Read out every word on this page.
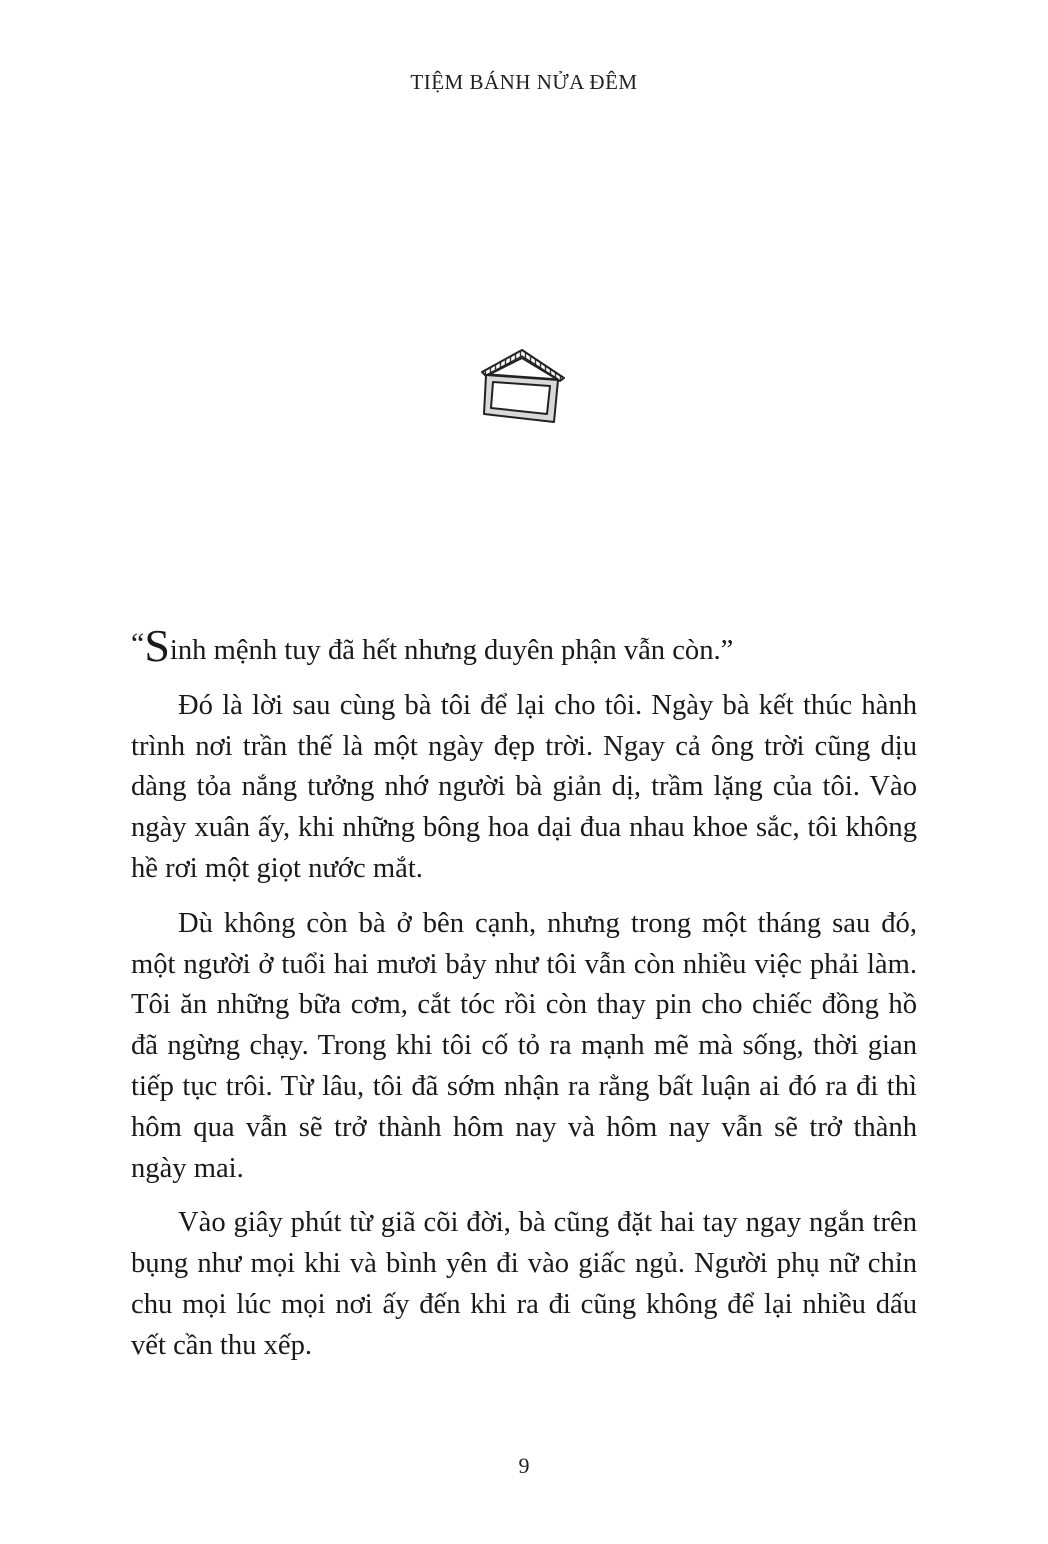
TIỆM BÁNH NỬA ĐÊM

“Sinh mệnh tuy đã hết nhưng duyên phận vẫn còn.”

Đó là lời sau cùng bà tôi để lại cho tôi. Ngày bà kết thúc hành trình nơi trần thế là một ngày đẹp trời. Ngay cả ông trời cũng dịu dàng tỏa nắng tưởng nhớ người bà giản dị, trầm lặng của tôi. Vào ngày xuân ấy, khi những bông hoa dại đua nhau khoe sắc, tôi không hề rơi một giọt nước mắt.

Dù không còn bà ở bên cạnh, nhưng trong một tháng sau đó, một người ở tuổi hai mươi bảy như tôi vẫn còn nhiều việc phải làm. Tôi ăn những bữa cơm, cắt tóc rồi còn thay pin cho chiếc đồng hồ đã ngừng chạy. Trong khi tôi cố tỏ ra mạnh mẽ mà sống, thời gian tiếp tục trôi. Từ lâu, tôi đã sớm nhận ra rằng bất luận ai đó ra đi thì hôm qua vẫn sẽ trở thành hôm nay và hôm nay vẫn sẽ trở thành ngày mai.

Vào giây phút từ giã cõi đời, bà cũng đặt hai tay ngay ngắn trên bụng như mọi khi và bình yên đi vào giấc ngủ. Người phụ nữ chỉn chu mọi lúc mọi nơi ấy đến khi ra đi cũng không để lại nhiều dấu vết cần thu xếp.

9
